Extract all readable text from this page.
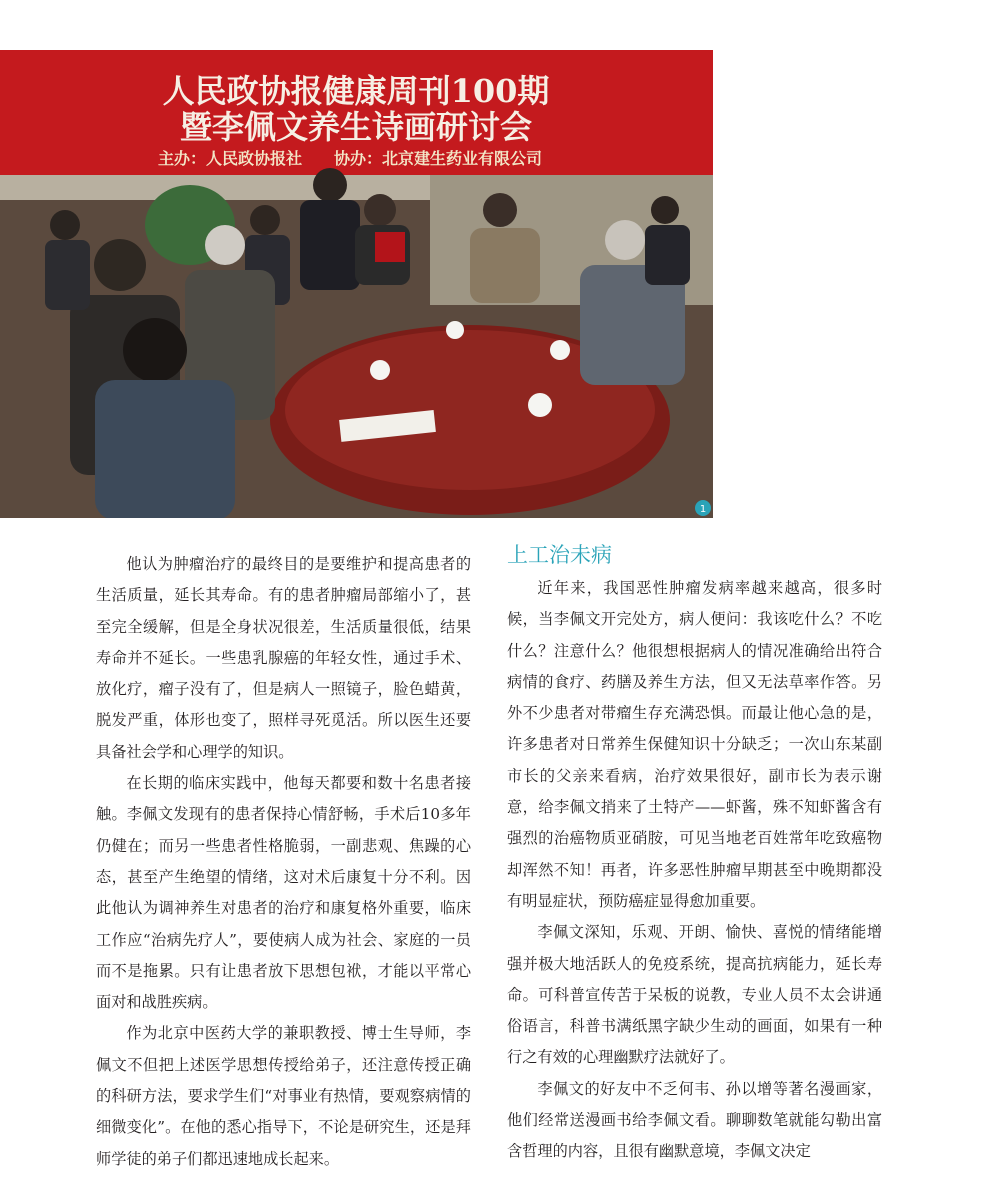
人民政协报健康周刊100期
暨李佩文养生诗画研讨会
主办：人民政协报社　　协办：北京建生药业有限公司
1

他认为肿瘤治疗的最终目的是要维护和提高患者的生活质量，延长其寿命。有的患者肿瘤局部缩小了，甚至完全缓解，但是全身状况很差，生活质量很低，结果寿命并不延长。一些患乳腺癌的年轻女性，通过手术、放化疗，瘤子没有了，但是病人一照镜子，脸色蜡黄，脱发严重，体形也变了，照样寻死觅活。所以医生还要具备社会学和心理学的知识。

在长期的临床实践中，他每天都要和数十名患者接触。李佩文发现有的患者保持心情舒畅，手术后10多年仍健在；而另一些患者性格脆弱，一副悲观、焦躁的心态，甚至产生绝望的情绪，这对术后康复十分不利。因此他认为调神养生对患者的治疗和康复格外重要，临床工作应“治病先疗人”，要使病人成为社会、家庭的一员而不是拖累。只有让患者放下思想包袱，才能以平常心面对和战胜疾病。

作为北京中医药大学的兼职教授、博士生导师，李佩文不但把上述医学思想传授给弟子，还注意传授正确的科研方法，要求学生们“对事业有热情，要观察病情的细微变化”。在他的悉心指导下，不论是研究生，还是拜师学徒的弟子们都迅速地成长起来。

上工治未病

近年来，我国恶性肿瘤发病率越来越高，很多时候，当李佩文开完处方，病人便问：我该吃什么？不吃什么？注意什么？他很想根据病人的情况准确给出符合病情的食疗、药膳及养生方法，但又无法草率作答。另外不少患者对带瘤生存充满恐惧。而最让他心急的是，许多患者对日常养生保健知识十分缺乏；一次山东某副市长的父亲来看病，治疗效果很好，副市长为表示谢意，给李佩文捎来了土特产——虾酱，殊不知虾酱含有强烈的治癌物质亚硝胺，可见当地老百姓常年吃致癌物却浑然不知！再者，许多恶性肿瘤早期甚至中晚期都没有明显症状，预防癌症显得愈加重要。

李佩文深知，乐观、开朗、愉快、喜悦的情绪能增强并极大地活跃人的免疫系统，提高抗病能力，延长寿命。可科普宣传苦于呆板的说教，专业人员不太会讲通俗语言，科普书满纸黑字缺少生动的画面，如果有一种行之有效的心理幽默疗法就好了。

李佩文的好友中不乏何韦、孙以增等著名漫画家，他们经常送漫画书给李佩文看。聊聊数笔就能勾勒出富含哲理的内容，且很有幽默意境，李佩文决定
